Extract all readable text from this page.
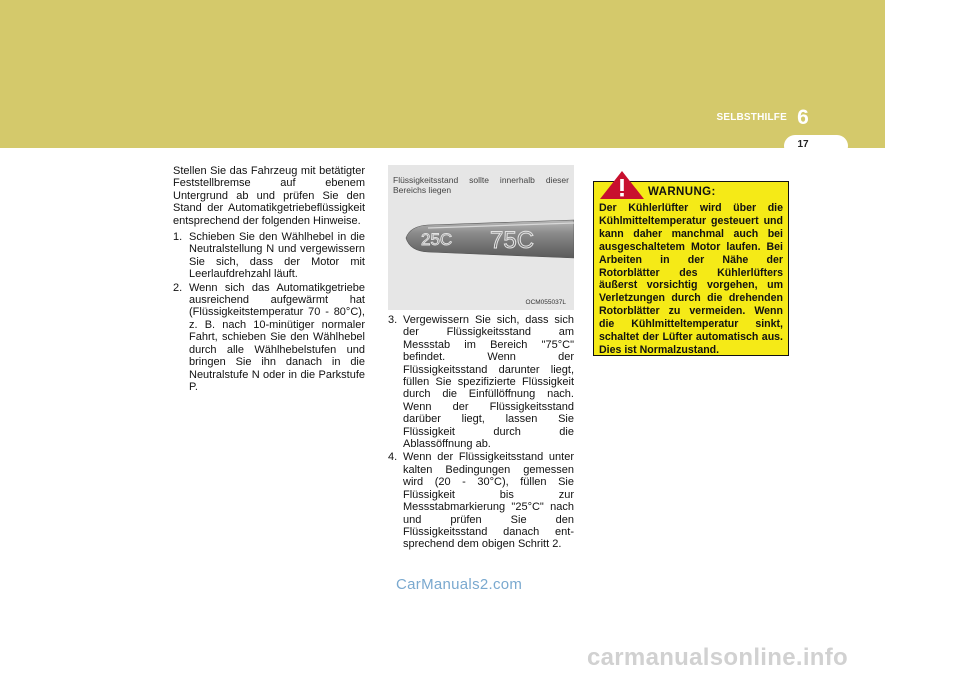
SELBSTHILFE 6
17

Stellen Sie das Fahrzeug mit betätigter Feststellbremse auf ebenem Untergrund ab und prüfen Sie den Stand der Automatikgetriebeflüssigkeit entsprechend der folgenden Hinweise.

1. Schieben Sie den Wählhebel in die Neutralstellung N und vergewissern Sie sich, dass der Motor mit Leerlaufdrehzahl läuft.
2. Wenn sich das Automatikgetriebe ausreichend aufgewärmt hat (Flüssigkeitstemperatur 70 - 80°C), z. B. nach 10-minütiger normaler Fahrt, schieben Sie den Wählhebel durch alle Wählhebelstufen und bringen Sie ihn danach in die Neutralstufe N oder in die Parkstufe P.
Flüssigkeitsstand sollte innerhalb dieser Bereichs liegen
25C 75C
OCM055037L
3. Vergewissern Sie sich, dass sich der Flüssigkeitsstand am Messstab im Bereich "75°C" befindet. Wenn der Flüssigkeitsstand darunter liegt, füllen Sie spezifizierte Flüssigkeit durch die Einfüllöffnung nach. Wenn der Flüssigkeitsstand darüber liegt, lassen Sie Flüssigkeit durch die Ablassöffnung ab.
4. Wenn der Flüssigkeitsstand unter kalten Bedingungen gemessen wird (20 - 30°C), füllen Sie Flüssigkeit bis zur Messstabmarkierung "25°C" nach und prüfen Sie den Flüssigkeitsstand danach ent- sprechend dem obigen Schritt 2.
WARNUNG:
Der Kühlerlüfter wird über die Kühlmitteltemperatur gesteuert und kann daher manchmal auch bei ausgeschaltetem Motor laufen. Bei Arbeiten in der Nähe der Rotorblätter des Kühlerlüfters äußerst vorsichtig vorgehen, um Verletzungen durch die drehenden Rotorblätter zu vermeiden. Wenn die Kühlmitteltemperatur sinkt, schaltet der Lüfter automatisch aus. Dies ist Normalzustand.
CarManuals2.com
carmanualsonline.info
